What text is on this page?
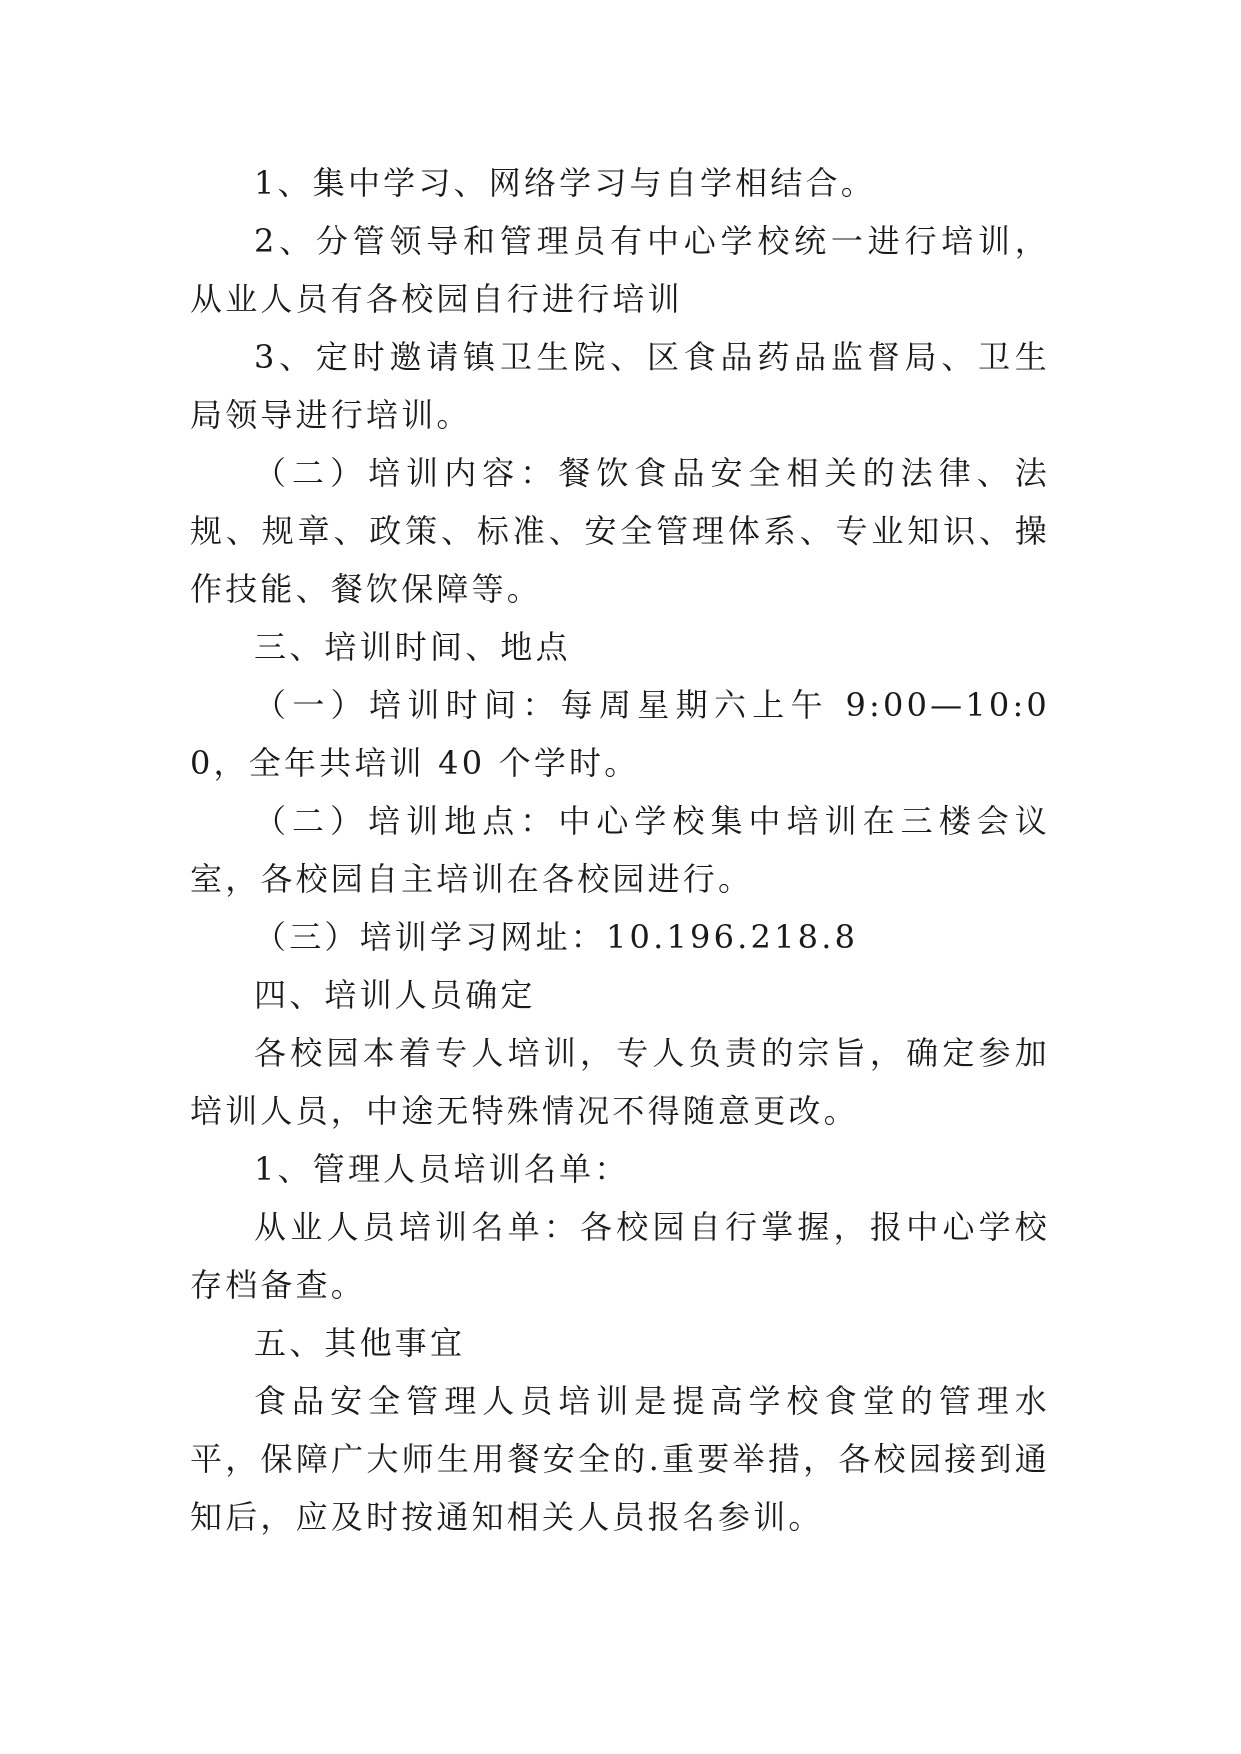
1、集中学习、网络学习与自学相结合。

2、分管领导和管理员有中心学校统一进行培训，从业人员有各校园自行进行培训

3、定时邀请镇卫生院、区食品药品监督局、卫生局领导进行培训。

（二）培训内容：餐饮食品安全相关的法律、法规、规章、政策、标准、安全管理体系、专业知识、操作技能、餐饮保障等。

三、培训时间、地点

（一）培训时间：每周星期六上午 9:00—10:00，全年共培训 40 个学时。

（二）培训地点：中心学校集中培训在三楼会议室，各校园自主培训在各校园进行。

（三）培训学习网址：10.196.218.8

四、培训人员确定

各校园本着专人培训，专人负责的宗旨，确定参加培训人员，中途无特殊情况不得随意更改。

1、管理人员培训名单：

从业人员培训名单：各校园自行掌握，报中心学校存档备查。

五、其他事宜

食品安全管理人员培训是提高学校食堂的管理水平，保障广大师生用餐安全的.重要举措，各校园接到通知后，应及时按通知相关人员报名参训。
